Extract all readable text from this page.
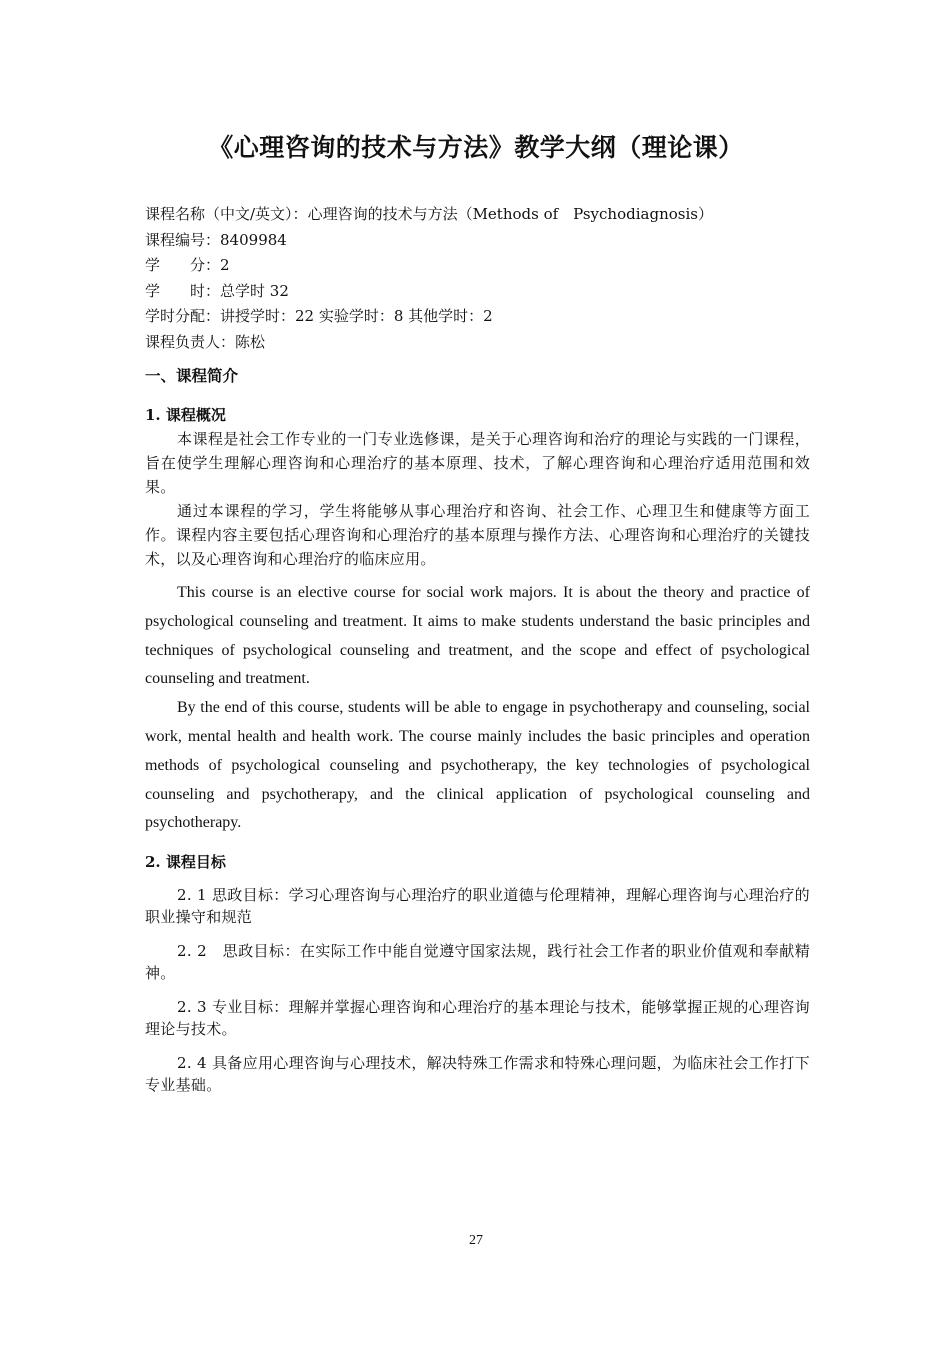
《心理咨询的技术与方法》教学大纲（理论课）
课程名称（中文/英文）：心理咨询的技术与方法（Methods of　Psychodiagnosis）
课程编号：8409984
学　　分：2
学　　时：总学时 32
学时分配：讲授学时：22 实验学时：8 其他学时：2
课程负责人：陈松

一、课程简介

1. 课程概况

本课程是社会工作专业的一门专业选修课，是关于心理咨询和治疗的理论与实践的一门课程，旨在使学生理解心理咨询和心理治疗的基本原理、技术，了解心理咨询和心理治疗适用范围和效果。

通过本课程的学习，学生将能够从事心理治疗和咨询、社会工作、心理卫生和健康等方面工作。课程内容主要包括心理咨询和心理治疗的基本原理与操作方法、心理咨询和心理治疗的关键技术，以及心理咨询和心理治疗的临床应用。

This course is an elective course for social work majors. It is about the theory and practice of psychological counseling and treatment. It aims to make students understand the basic principles and techniques of psychological counseling and treatment, and the scope and effect of psychological counseling and treatment.

By the end of this course, students will be able to engage in psychotherapy and counseling, social work, mental health and health work. The course mainly includes the basic principles and operation methods of psychological counseling and psychotherapy, the key technologies of psychological counseling and psychotherapy, and the clinical application of psychological counseling and psychotherapy.

2. 课程目标

2. 1 思政目标：学习心理咨询与心理治疗的职业道德与伦理精神，理解心理咨询与心理治疗的职业操守和规范

2. 2　思政目标：在实际工作中能自觉遵守国家法规，践行社会工作者的职业价值观和奉献精神。

2. 3 专业目标：理解并掌握心理咨询和心理治疗的基本理论与技术，能够掌握正规的心理咨询理论与技术。

2. 4 具备应用心理咨询与心理技术，解决特殊工作需求和特殊心理问题，为临床社会工作打下专业基础。

27
